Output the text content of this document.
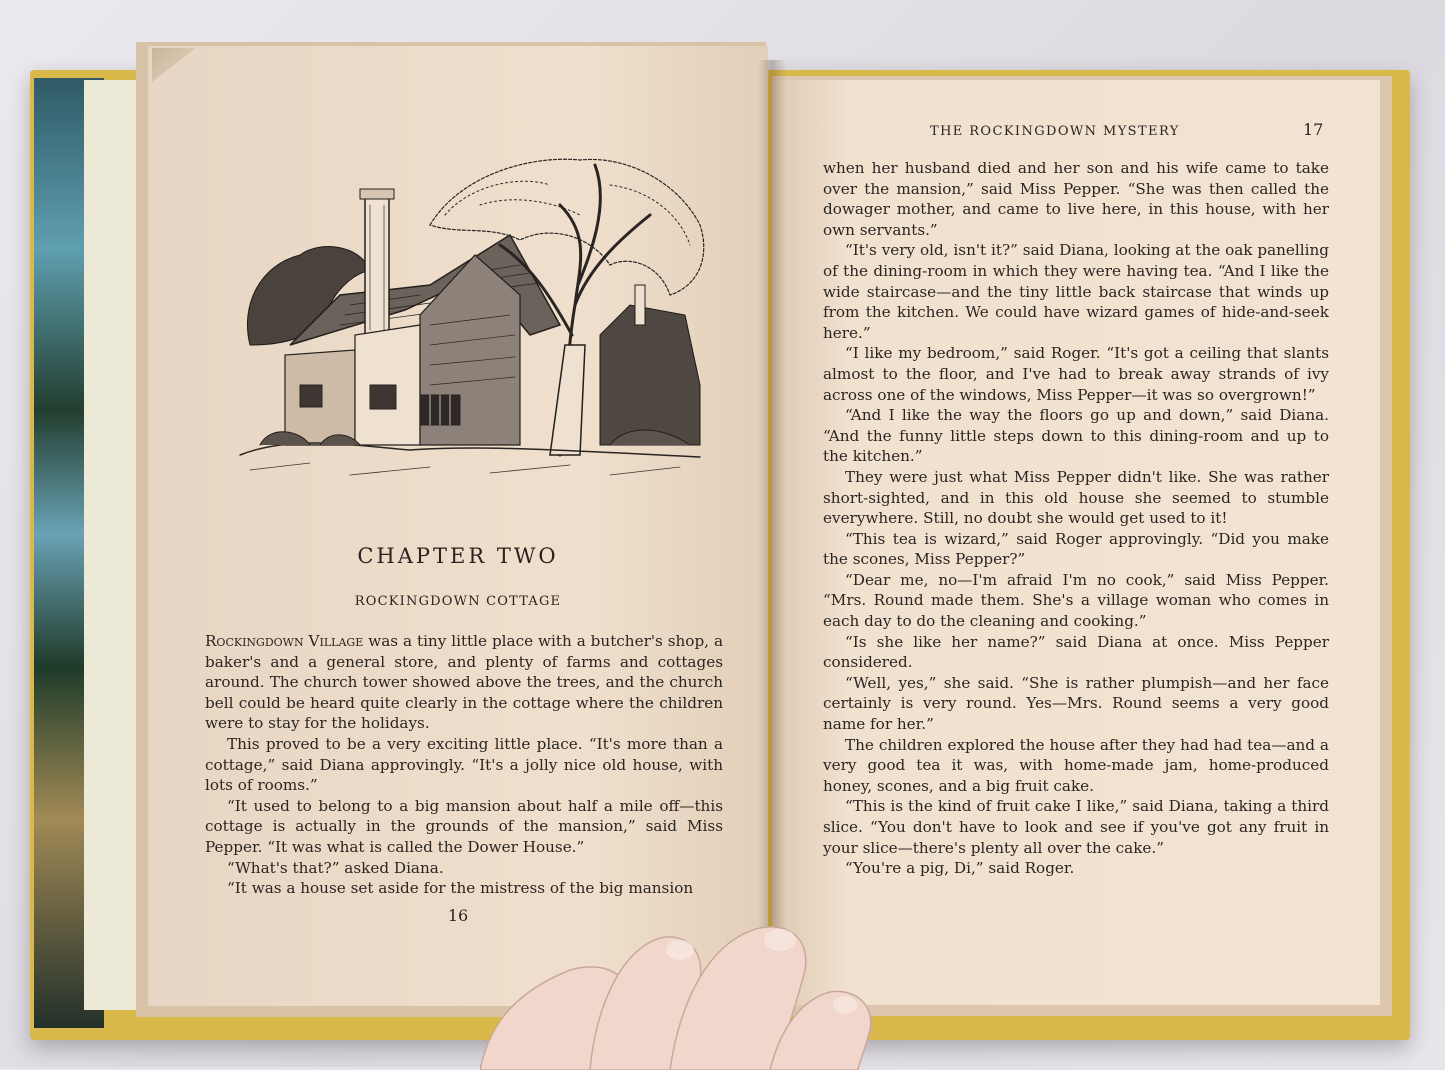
CHAPTER TWO
ROCKINGDOWN COTTAGE

Rockingdown Village was a tiny little place with a butcher's shop, a baker's and a general store, and plenty of farms and cottages around. The church tower showed above the trees, and the church bell could be heard quite clearly in the cottage where the children were to stay for the holidays.

This proved to be a very exciting little place. “It's more than a cottage,” said Diana approvingly. “It's a jolly nice old house, with lots of rooms.”

“It used to belong to a big mansion about half a mile off—this cottage is actually in the grounds of the mansion,” said Miss Pepper. “It was what is called the Dower House.”

“What's that?” asked Diana.

“It was a house set aside for the mistress of the big mansion

16
THE ROCKINGDOWN MYSTERY	17

when her husband died and her son and his wife came to take over the mansion,” said Miss Pepper. “She was then called the dowager mother, and came to live here, in this house, with her own servants.”

“It's very old, isn't it?” said Diana, looking at the oak panelling of the dining-room in which they were having tea. “And I like the wide staircase—and the tiny little back staircase that winds up from the kitchen. We could have wizard games of hide-and-seek here.”

“I like my bedroom,” said Roger. “It's got a ceiling that slants almost to the floor, and I've had to break away strands of ivy across one of the windows, Miss Pepper—it was so overgrown!”

“And I like the way the floors go up and down,” said Diana. “And the funny little steps down to this dining-room and up to the kitchen.”

They were just what Miss Pepper didn't like. She was rather short-sighted, and in this old house she seemed to stumble everywhere. Still, no doubt she would get used to it!

“This tea is wizard,” said Roger approvingly. “Did you make the scones, Miss Pepper?”

“Dear me, no—I'm afraid I'm no cook,” said Miss Pepper. “Mrs. Round made them. She's a village woman who comes in each day to do the cleaning and cooking.”

“Is she like her name?” said Diana at once. Miss Pepper considered.

“Well, yes,” she said. “She is rather plumpish—and her face certainly is very round. Yes—Mrs. Round seems a very good name for her.”

The children explored the house after they had had tea—and a very good tea it was, with home-made jam, home-produced honey, scones, and a big fruit cake.

“This is the kind of fruit cake I like,” said Diana, taking a third slice. “You don't have to look and see if you've got any fruit in your slice—there's plenty all over the cake.”

“You're a pig, Di,” said Roger.
